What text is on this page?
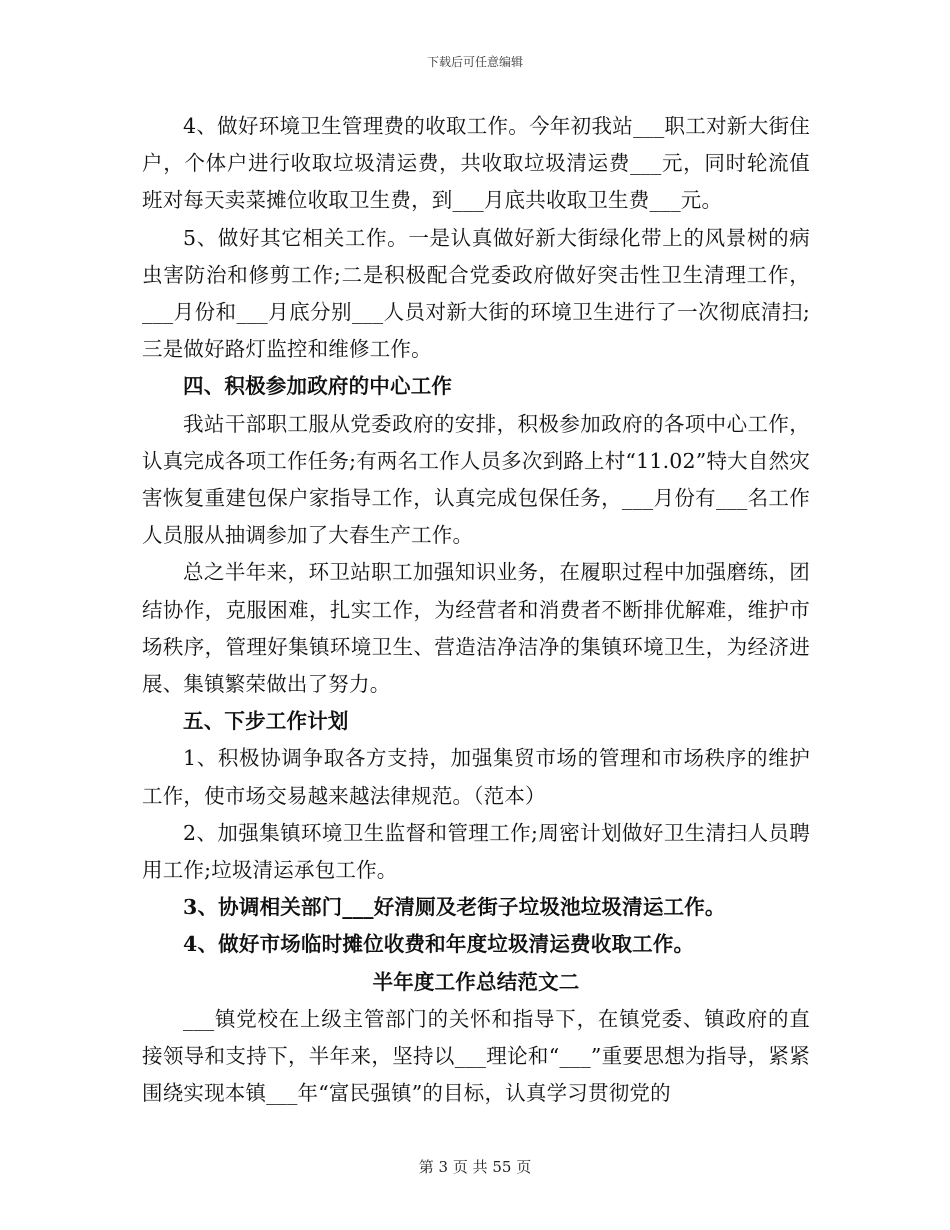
下载后可任意编辑

4、做好环境卫生管理费的收取工作。今年初我站___职工对新大街住户，个体户进行收取垃圾清运费，共收取垃圾清运费___元，同时轮流值班对每天卖菜摊位收取卫生费，到___月底共收取卫生费___元。

5、做好其它相关工作。一是认真做好新大街绿化带上的风景树的病虫害防治和修剪工作;二是积极配合党委政府做好突击性卫生清理工作，___月份和___月底分别___人员对新大街的环境卫生进行了一次彻底清扫;三是做好路灯监控和维修工作。

四、积极参加政府的中心工作

我站干部职工服从党委政府的安排，积极参加政府的各项中心工作，认真完成各项工作任务;有两名工作人员多次到路上村“11.02”特大自然灾害恢复重建包保户家指导工作，认真完成包保任务，___月份有___名工作人员服从抽调参加了大春生产工作。

总之半年来，环卫站职工加强知识业务，在履职过程中加强磨练，团结协作，克服困难，扎实工作，为经营者和消费者不断排优解难，维护市场秩序，管理好集镇环境卫生、营造洁净洁净的集镇环境卫生，为经济进展、集镇繁荣做出了努力。

五、下步工作计划

1、积极协调争取各方支持，加强集贸市场的管理和市场秩序的维护工作，使市场交易越来越法律规范。（范本）

2、加强集镇环境卫生监督和管理工作;周密计划做好卫生清扫人员聘用工作;垃圾清运承包工作。

3、协调相关部门___好清厕及老街子垃圾池垃圾清运工作。

4、做好市场临时摊位收费和年度垃圾清运费收取工作。

半年度工作总结范文二

___镇党校在上级主管部门的关怀和指导下，在镇党委、镇政府的直接领导和支持下，半年来，坚持以___理论和“___”重要思想为指导，紧紧围绕实现本镇___年“富民强镇”的目标，认真学习贯彻党的

第 3 页 共 55 页
